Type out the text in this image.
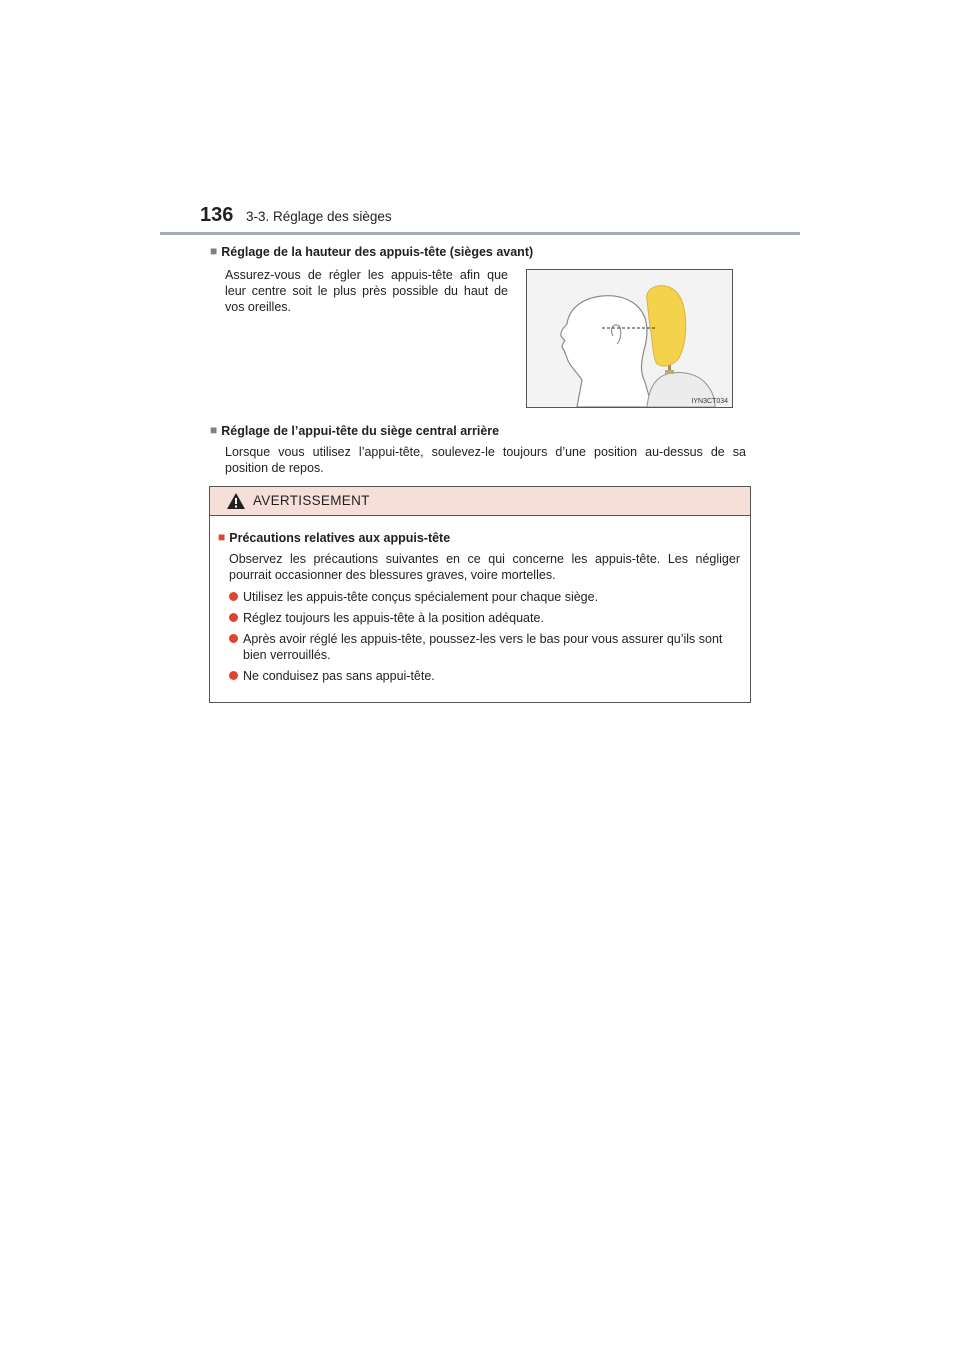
136 3-3. Réglage des sièges
■ Réglage de la hauteur des appuis-tête (sièges avant)
Assurez-vous de régler les appuis-tête afin que leur centre soit le plus près possible du haut de vos oreilles.
IYN3CT034
■ Réglage de l’appui-tête du siège central arrière
Lorsque vous utilisez l’appui-tête, soulevez-le toujours d’une position au-dessus de sa position de repos.
AVERTISSEMENT
■ Précautions relatives aux appuis-tête
Observez les précautions suivantes en ce qui concerne les appuis-tête. Les négliger pourrait occasionner des blessures graves, voire mortelles.
Utilisez les appuis-tête conçus spécialement pour chaque siège.
Réglez toujours les appuis-tête à la position adéquate.
Après avoir réglé les appuis-tête, poussez-les vers le bas pour vous assurer qu’ils sont bien verrouillés.
Ne conduisez pas sans appui-tête.
